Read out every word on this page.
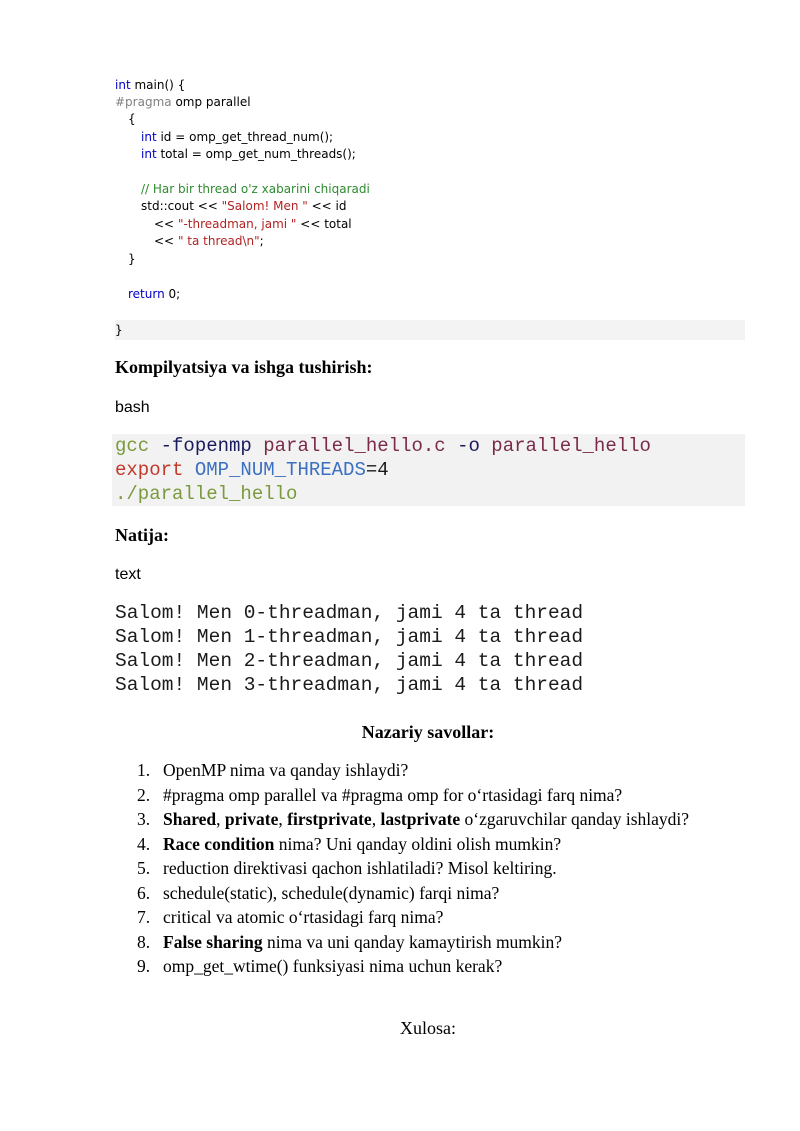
int main() {
#pragma omp parallel
{
int id = omp_get_thread_num();
int total = omp_get_num_threads();
// Har bir thread o'z xabarini chiqaradi
std::cout << "Salom! Men " << id
<< "-threadman, jami " << total
<< " ta thread\n";
}
return 0;
}
Kompilyatsiya va ishga tushirish:
bash
gcc -fopenmp parallel_hello.c -o parallel_hello
export OMP_NUM_THREADS=4
./parallel_hello
Natija:
text
Salom! Men 0-threadman, jami 4 ta thread
Salom! Men 1-threadman, jami 4 ta thread
Salom! Men 2-threadman, jami 4 ta thread
Salom! Men 3-threadman, jami 4 ta thread
Nazariy savollar:
1. OpenMP nima va qanday ishlaydi?
2. #pragma omp parallel va #pragma omp for o‘rtasidagi farq nima?
3. Shared, private, firstprivate, lastprivate o‘zgaruvchilar qanday ishlaydi?
4. Race condition nima? Uni qanday oldini olish mumkin?
5. reduction direktivasi qachon ishlatiladi? Misol keltiring.
6. schedule(static), schedule(dynamic) farqi nima?
7. critical va atomic o‘rtasidagi farq nima?
8. False sharing nima va uni qanday kamaytirish mumkin?
9. omp_get_wtime() funksiyasi nima uchun kerak?
Xulosa:
